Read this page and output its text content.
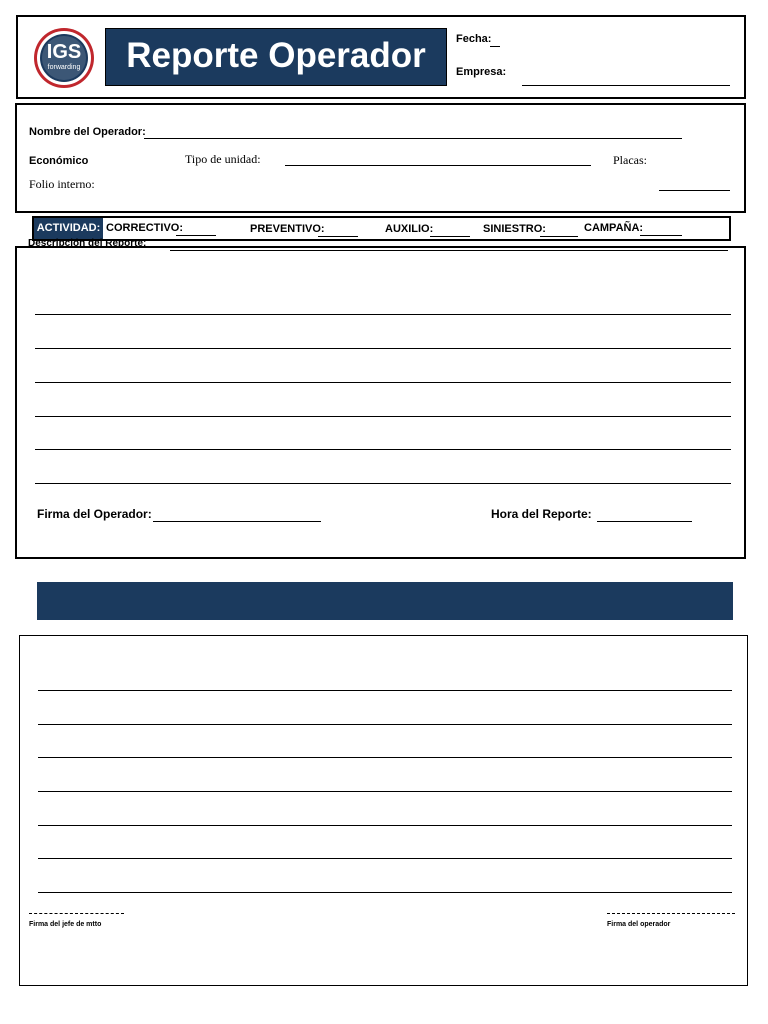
IGS
forwarding	Reporte Operador	Fecha:
Empresa:
Nombre del Operador:
Económico	Tipo de unidad:	Placas:
Folio interno:
ACTIVIDAD: CORRECTIVO:	PREVENTIVO:	AUXILIO:	SINIESTRO:	CAMPAÑA:
Descripción del Reporte:
Firma del Operador:	Hora del Reporte:
Firma del jefe de mtto	Firma del operador
